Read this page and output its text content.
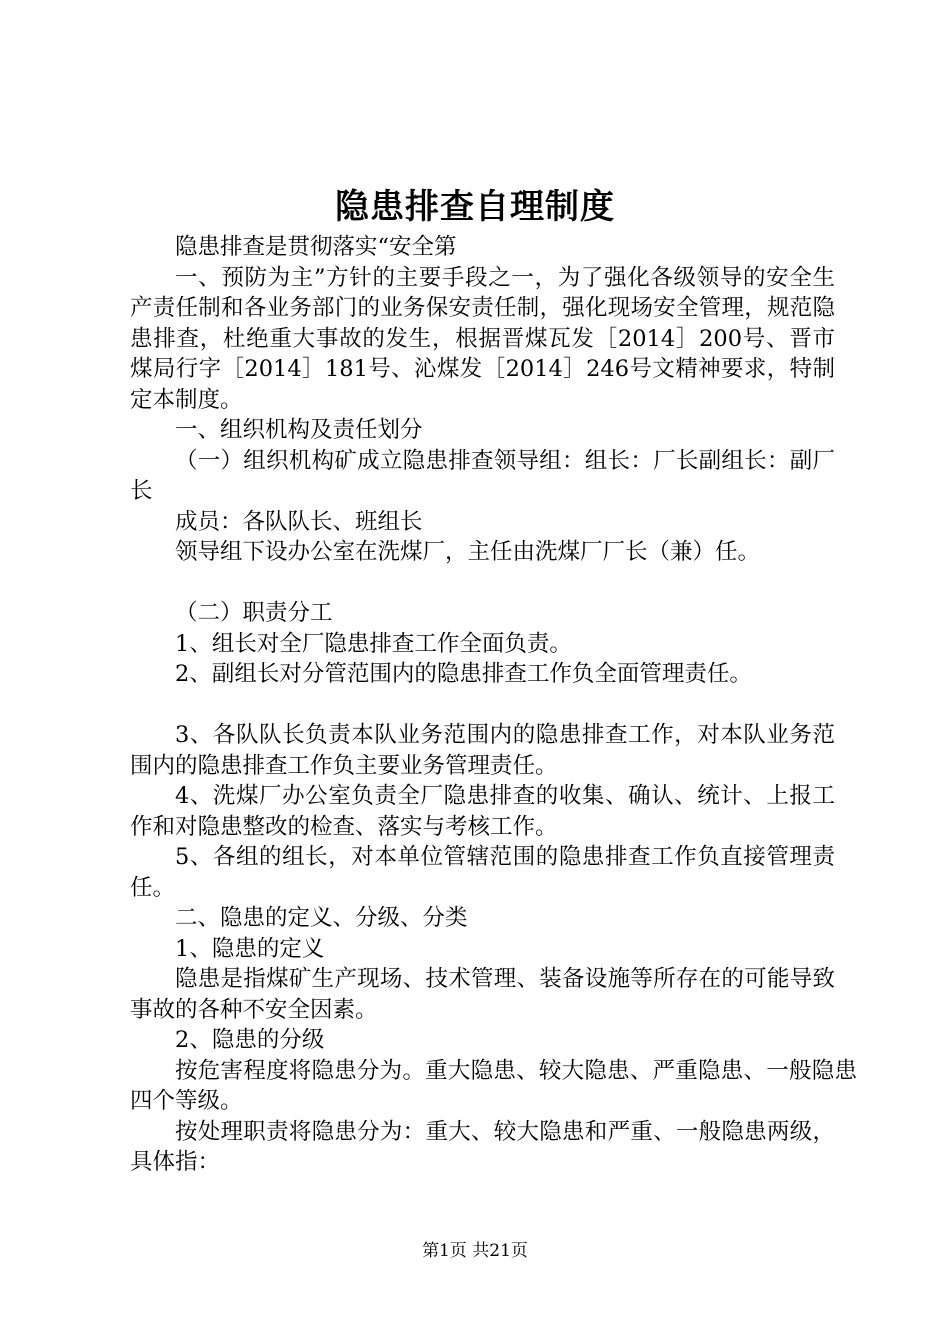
隐患排查自理制度

隐患排查是贯彻落实“安全第

一、预防为主”方针的主要手段之一，为了强化各级领导的安全生产责任制和各业务部门的业务保安责任制，强化现场安全管理，规范隐患排查，杜绝重大事故的发生，根据晋煤瓦发［2014］200号、晋市煤局行字［2014］181号、沁煤发［2014］246号文精神要求，特制定本制度。

一、组织机构及责任划分

（一）组织机构矿成立隐患排查领导组：组长：厂长副组长：副厂长

成员：各队队长、班组长

领导组下设办公室在洗煤厂，主任由洗煤厂厂长（兼）任。

（二）职责分工

1、组长对全厂隐患排查工作全面负责。

2、副组长对分管范围内的隐患排查工作负全面管理责任。

3、各队队长负责本队业务范围内的隐患排查工作，对本队业务范围内的隐患排查工作负主要业务管理责任。

4、洗煤厂办公室负责全厂隐患排查的收集、确认、统计、上报工作和对隐患整改的检查、落实与考核工作。

5、各组的组长，对本单位管辖范围的隐患排查工作负直接管理责任。

二、隐患的定义、分级、分类

1、隐患的定义

隐患是指煤矿生产现场、技术管理、装备设施等所存在的可能导致事故的各种不安全因素。

2、隐患的分级

按危害程度将隐患分为。重大隐患、较大隐患、严重隐患、一般隐患四个等级。

按处理职责将隐患分为：重大、较大隐患和严重、一般隐患两级，具体指：

第1页 共21页
